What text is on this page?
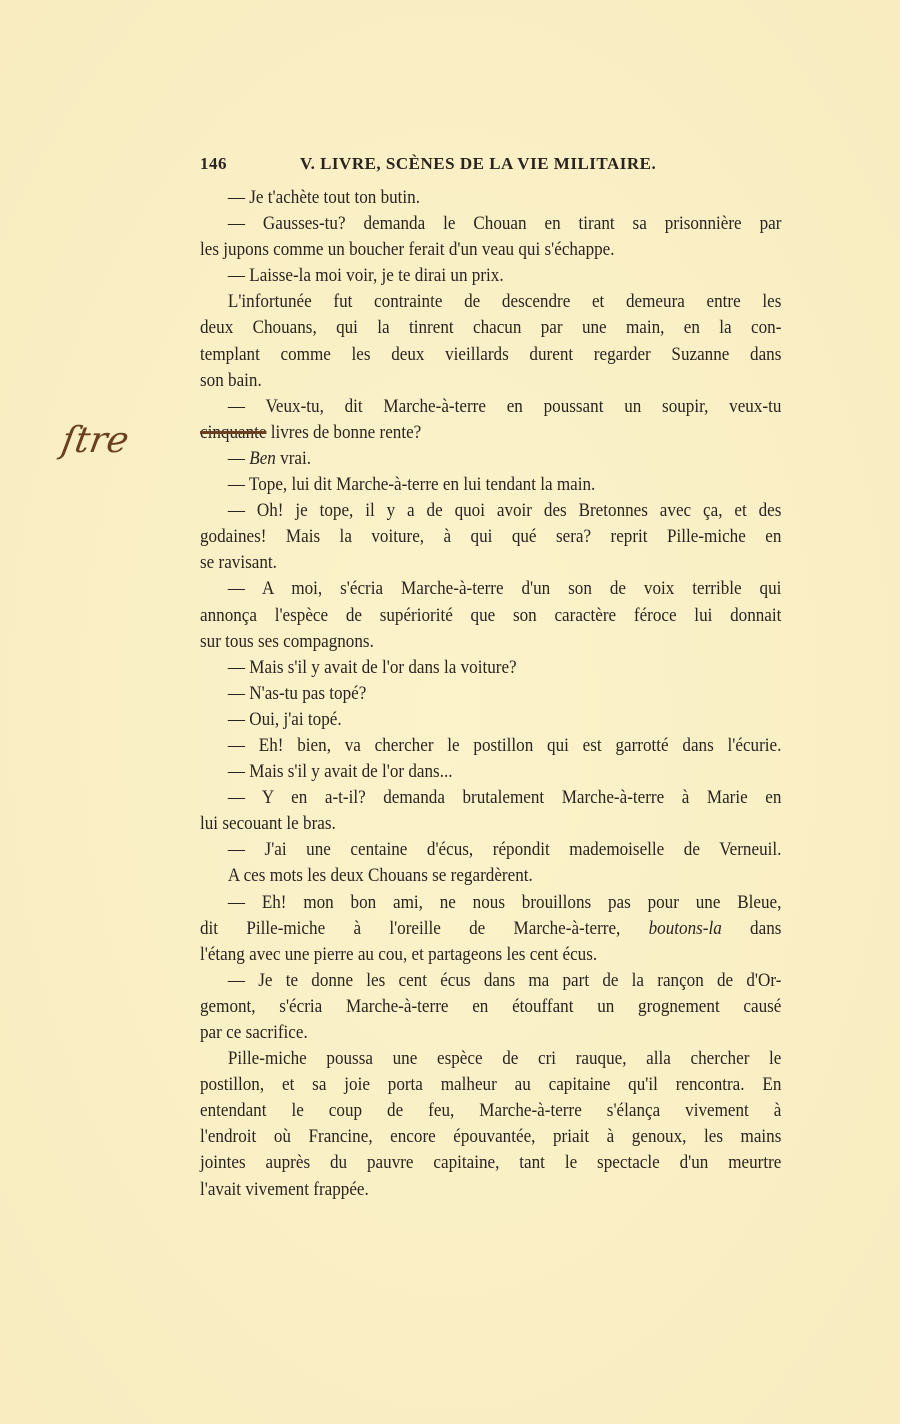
146	V. LIVRE, SCÈNES DE LA VIE MILITAIRE.
ſtre
— Je t'achète tout ton butin.
— Gausses-tu? demanda le Chouan en tirant sa prisonnière par
les jupons comme un boucher ferait d'un veau qui s'échappe.
— Laisse-la moi voir, je te dirai un prix.
L'infortunée fut contrainte de descendre et demeura entre les
deux Chouans, qui la tinrent chacun par une main, en la con-
templant comme les deux vieillards durent regarder Suzanne dans
son bain.
— Veux-tu, dit Marche-à-terre en poussant un soupir, veux-tu
cinquante livres de bonne rente?
— Ben vrai.
— Tope, lui dit Marche-à-terre en lui tendant la main.
— Oh! je tope, il y a de quoi avoir des Bretonnes avec ça, et des
godaines! Mais la voiture, à qui qué sera? reprit Pille-miche en
se ravisant.
— A moi, s'écria Marche-à-terre d'un son de voix terrible qui
annonça l'espèce de supériorité que son caractère féroce lui donnait
sur tous ses compagnons.
— Mais s'il y avait de l'or dans la voiture?
— N'as-tu pas topé?
— Oui, j'ai topé.
— Eh! bien, va chercher le postillon qui est garrotté dans l'écurie.
— Mais s'il y avait de l'or dans...
— Y en a-t-il? demanda brutalement Marche-à-terre à Marie en
lui secouant le bras.
— J'ai une centaine d'écus, répondit mademoiselle de Verneuil.
A ces mots les deux Chouans se regardèrent.
— Eh! mon bon ami, ne nous brouillons pas pour une Bleue,
dit Pille-miche à l'oreille de Marche-à-terre, boutons-la dans
l'étang avec une pierre au cou, et partageons les cent écus.
— Je te donne les cent écus dans ma part de la rançon de d'Or-
gemont, s'écria Marche-à-terre en étouffant un grognement causé
par ce sacrifice.
Pille-miche poussa une espèce de cri rauque, alla chercher le
postillon, et sa joie porta malheur au capitaine qu'il rencontra. En
entendant le coup de feu, Marche-à-terre s'élança vivement à
l'endroit où Francine, encore épouvantée, priait à genoux, les mains
jointes auprès du pauvre capitaine, tant le spectacle d'un meurtre
l'avait vivement frappée.
